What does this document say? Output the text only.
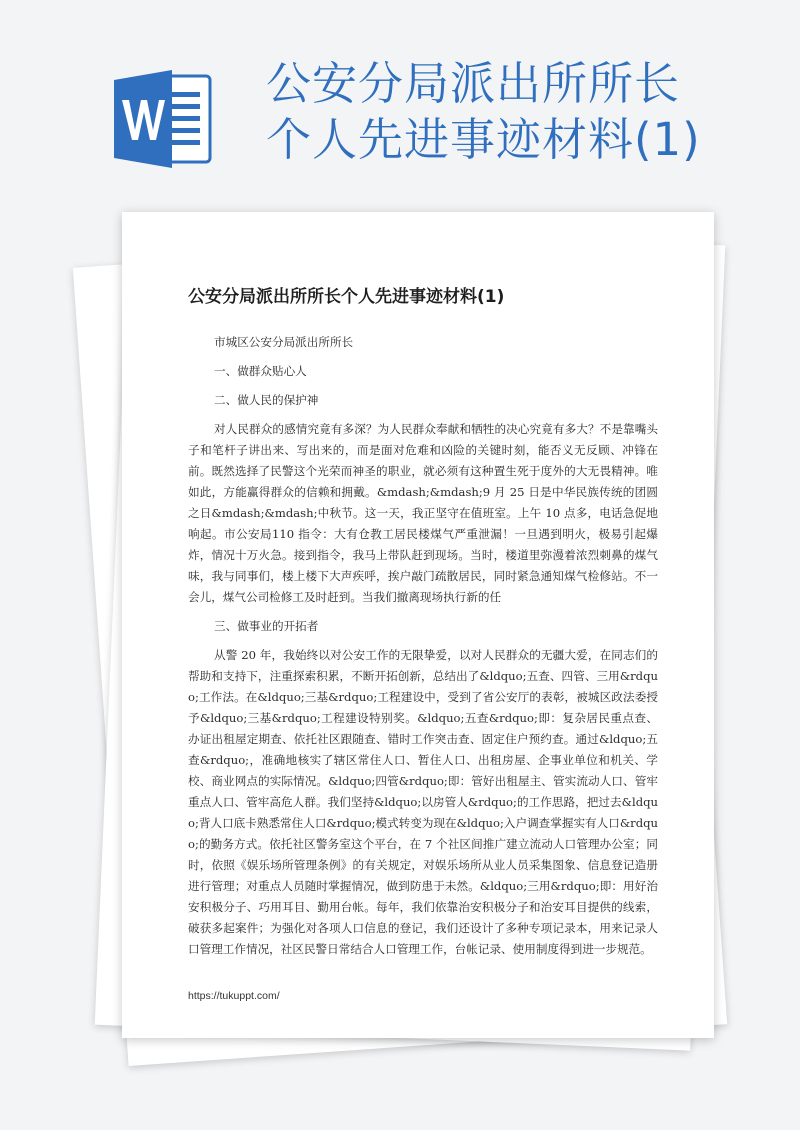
公安分局派出所所长个人先进事迹材料(1)
公安分局派出所所长个人先进事迹材料(1)

市城区公安分局派出所所长

一、做群众贴心人

二、做人民的保护神

对人民群众的感情究竟有多深？为人民群众奉献和牺牲的决心究竟有多大？不是靠嘴头子和笔杆子讲出来、写出来的，而是面对危难和凶险的关键时刻，能否义无反顾、冲锋在前。既然选择了民警这个光荣而神圣的职业，就必须有这种置生死于度外的大无畏精神。唯如此，方能赢得群众的信赖和拥戴。&mdash;&mdash;9 月 25 日是中华民族传统的团圆之日&mdash;&mdash;中秋节。这一天，我正坚守在值班室。上午 10 点多，电话急促地响起。市公安局110 指令：大有仓教工居民楼煤气严重泄漏！一旦遇到明火，极易引起爆炸，情况十万火急。接到指令，我马上带队赶到现场。当时，楼道里弥漫着浓烈刺鼻的煤气味，我与同事们，楼上楼下大声疾呼，挨户敲门疏散居民，同时紧急通知煤气检修站。不一会儿，煤气公司检修工及时赶到。当我们撤离现场执行新的任

三、做事业的开拓者

从警 20 年，我始终以对公安工作的无限挚爱，以对人民群众的无疆大爱，在同志们的帮助和支持下，注重探索积累，不断开拓创新，总结出了&ldquo;五查、四管、三用&rdquo;工作法。在&ldquo;三基&rdquo;工程建设中，受到了省公安厅的表彰，被城区政法委授予&ldquo;三基&rdquo;工程建设特别奖。&ldquo;五查&rdquo;即：复杂居民重点查、办证出租屋定期查、依托社区跟随查、错时工作突击查、固定住户预约查。通过&ldquo;五查&rdquo;，准确地核实了辖区常住人口、暂住人口、出租房屋、企事业单位和机关、学校、商业网点的实际情况。&ldquo;四管&rdquo;即：管好出租屋主、管实流动人口、管牢重点人口、管牢高危人群。我们坚持&ldquo;以房管人&rdquo;的工作思路，把过去&ldquo;背人口底卡熟悉常住人口&rdquo;模式转变为现在&ldquo;入户调查掌握实有人口&rdquo;的勤务方式。依托社区警务室这个平台，在 7 个社区间推广建立流动人口管理办公室；同时，依照《娱乐场所管理条例》的有关规定，对娱乐场所从业人员采集图象、信息登记造册进行管理；对重点人员随时掌握情况，做到防患于未然。&ldquo;三用&rdquo;即：用好治安积极分子、巧用耳目、勤用台帐。每年，我们依靠治安积极分子和治安耳目提供的线索，破获多起案件；为强化对各项人口信息的登记，我们还设计了多种专项记录本，用来记录人口管理工作情况，社区民警日常结合人口管理工作，台帐记录、使用制度得到进一步规范。

https://tukuppt.com/
